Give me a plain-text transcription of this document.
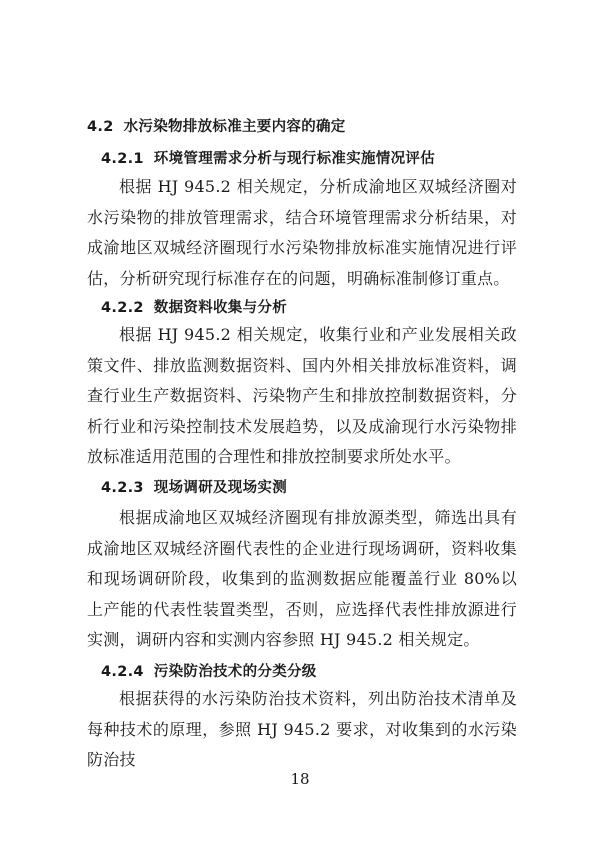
4.2 水污染物排放标准主要内容的确定
4.2.1 环境管理需求分析与现行标准实施情况评估

根据 HJ 945.2 相关规定，分析成渝地区双城经济圈对水污染物的排放管理需求，结合环境管理需求分析结果，对成渝地区双城经济圈现行水污染物排放标准实施情况进行评估，分析研究现行标准存在的问题，明确标准制修订重点。

4.2.2 数据资料收集与分析

根据 HJ 945.2 相关规定，收集行业和产业发展相关政策文件、排放监测数据资料、国内外相关排放标准资料，调查行业生产数据资料、污染物产生和排放控制数据资料，分析行业和污染控制技术发展趋势，以及成渝现行水污染物排放标准适用范围的合理性和排放控制要求所处水平。

4.2.3 现场调研及现场实测

根据成渝地区双城经济圈现有排放源类型，筛选出具有成渝地区双城经济圈代表性的企业进行现场调研，资料收集和现场调研阶段，收集到的监测数据应能覆盖行业 80%以上产能的代表性装置类型，否则，应选择代表性排放源进行实测，调研内容和实测内容参照 HJ 945.2 相关规定。

4.2.4 污染防治技术的分类分级

根据获得的水污染防治技术资料，列出防治技术清单及每种技术的原理，参照 HJ 945.2 要求，对收集到的水污染防治技

18
